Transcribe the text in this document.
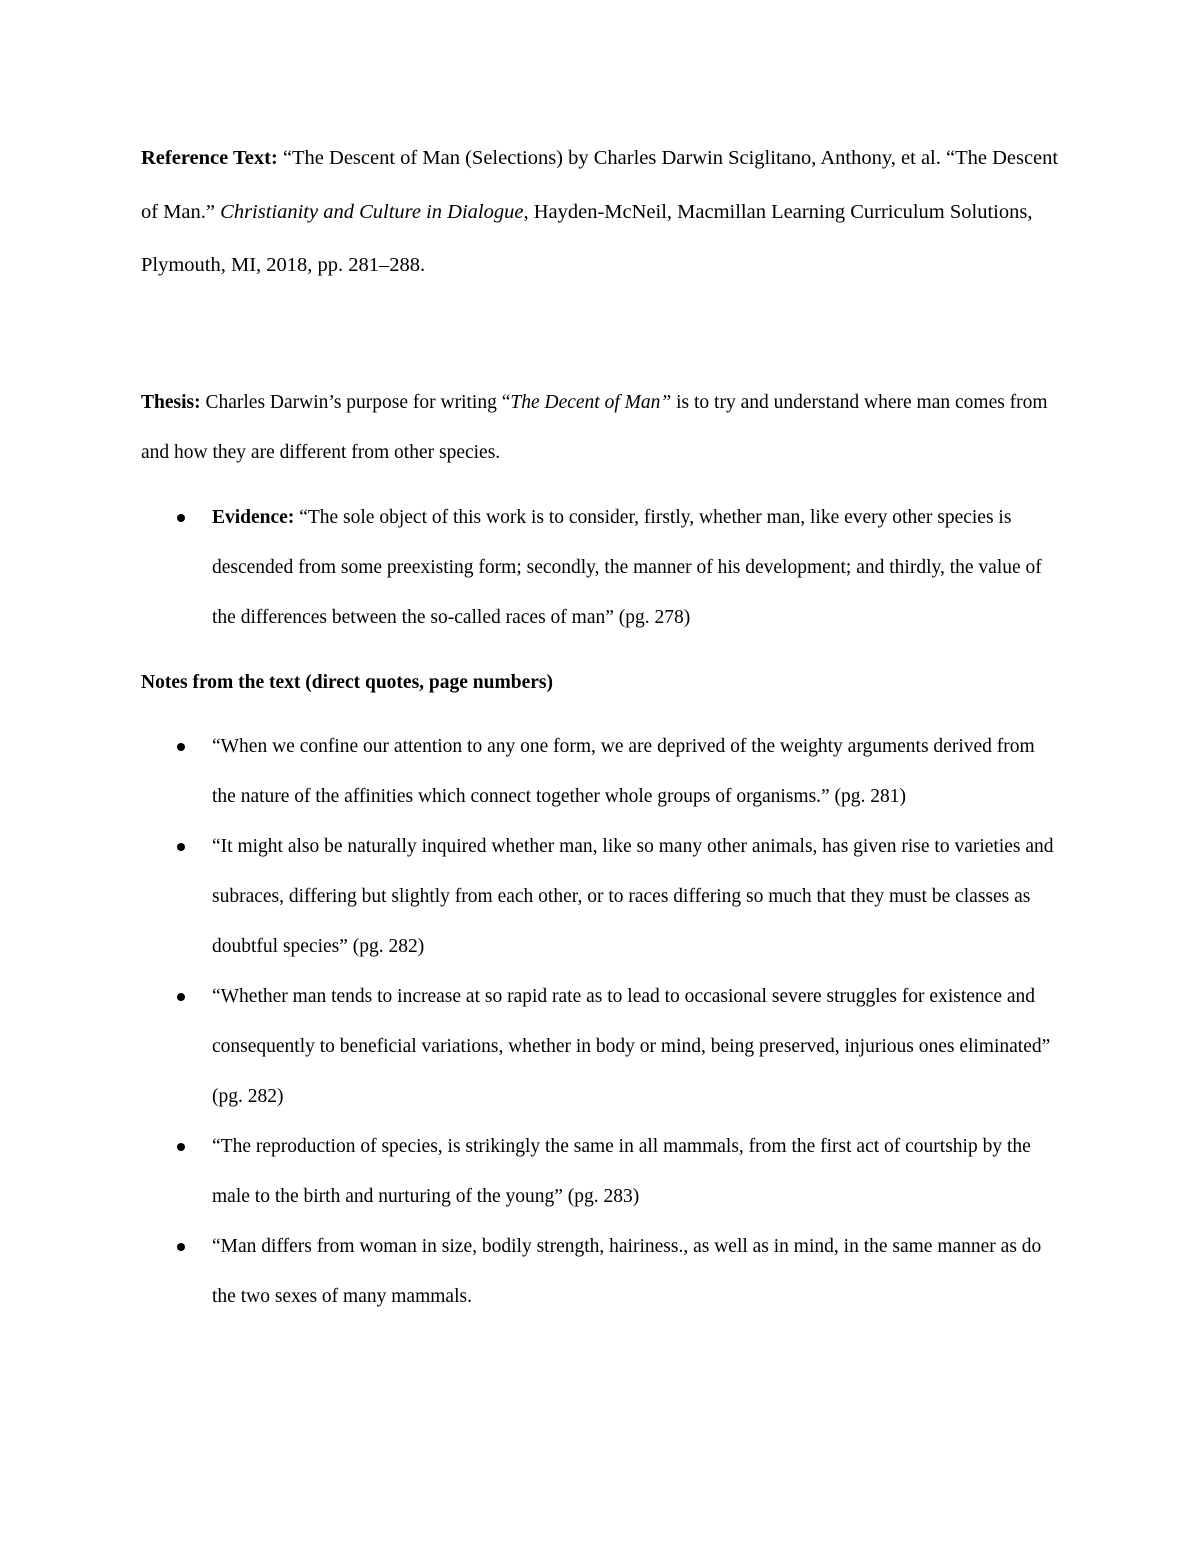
Reference Text: “The Descent of Man (Selections) by Charles Darwin Sciglitano, Anthony, et al. “The Descent of Man.” Christianity and Culture in Dialogue, Hayden-McNeil, Macmillan Learning Curriculum Solutions, Plymouth, MI, 2018, pp. 281–288.

Thesis: Charles Darwin’s purpose for writing “The Decent of Man” is to try and understand where man comes from and how they are different from other species.

Evidence: “The sole object of this work is to consider, firstly, whether man, like every other species is descended from some preexisting form; secondly, the manner of his development; and thirdly, the value of the differences between the so-called races of man” (pg. 278)

Notes from the text (direct quotes, page numbers)

“When we confine our attention to any one form, we are deprived of the weighty arguments derived from the nature of the affinities which connect together whole groups of organisms.” (pg. 281)
“It might also be naturally inquired whether man, like so many other animals, has given rise to varieties and subraces, differing but slightly from each other, or to races differing so much that they must be classes as doubtful species” (pg. 282)
“Whether man tends to increase at so rapid rate as to lead to occasional severe struggles for existence and consequently to beneficial variations, whether in body or mind, being preserved, injurious ones eliminated” (pg. 282)
“The reproduction of species, is strikingly the same in all mammals, from the first act of courtship by the male to the birth and nurturing of the young” (pg. 283)
“Man differs from woman in size, bodily strength, hairiness., as well as in mind, in the same manner as do the two sexes of many mammals.
